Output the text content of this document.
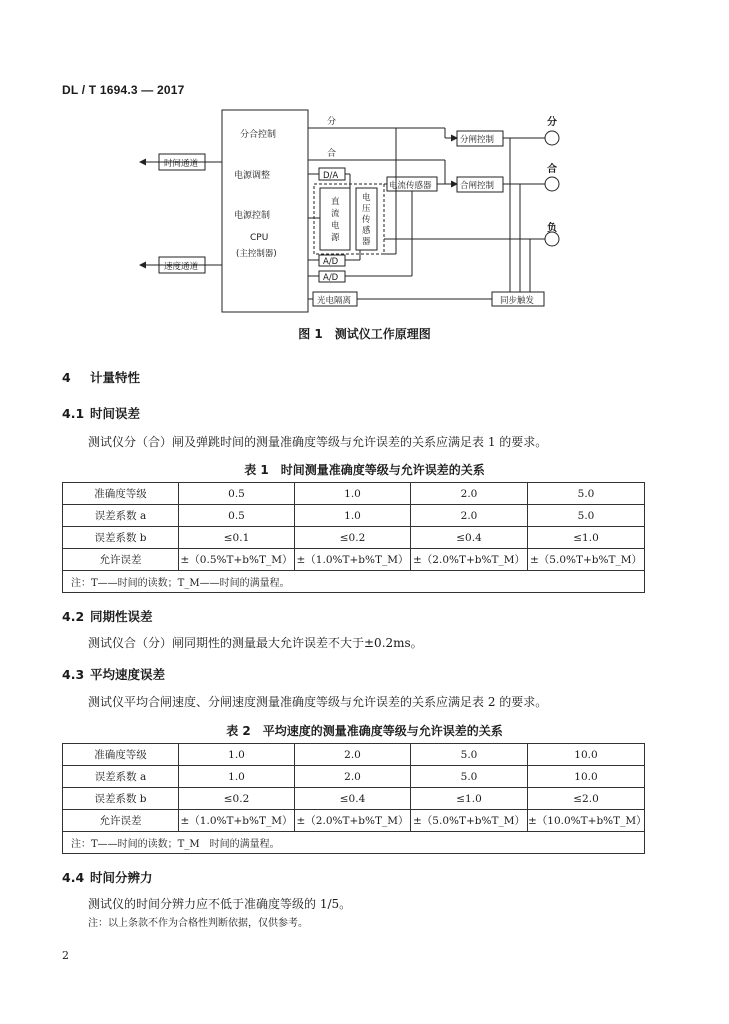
DL / T 1694.3 — 2017
分合控制
分
合
时间通道
电源调整
电源控制
CPU
(主控制器)
速度通道
D/A
直
流
电
源
电
压
传
感
器
电流传感器
A/D
A/D
光电隔离	同步触发
分闸控制
合闸控制
分
合
负
图 1　测试仪工作原理图
4 计量特性
4.1 时间误差
测试仪分（合）闸及弹跳时间的测量准确度等级与允许误差的关系应满足表 1 的要求。
表 1　时间测量准确度等级与允许误差的关系
准确度等级	0.5	1.0	2.0	5.0
误差系数 a	0.5	1.0	2.0	5.0
误差系数 b	≤0.1	≤0.2	≤0.4	≤1.0
允许误差	±（0.5%T+b%T_M）	±（1.0%T+b%T_M）	±（2.0%T+b%T_M）	±（5.0%T+b%T_M）
注：T——时间的读数；T_M——时间的满量程。				
4.2 同期性误差
测试仪合（分）闸同期性的测量最大允许误差不大于±0.2ms。
4.3 平均速度误差
测试仪平均合闸速度、分闸速度测量准确度等级与允许误差的关系应满足表 2 的要求。
表 2　平均速度的测量准确度等级与允许误差的关系
准确度等级	1.0	2.0	5.0	10.0
误差系数 a	1.0	2.0	5.0	10.0
误差系数 b	≤0.2	≤0.4	≤1.0	≤2.0
允许误差	±（1.0%T+b%T_M）	±（2.0%T+b%T_M）	±（5.0%T+b%T_M）	±（10.0%T+b%T_M）
注：T——时间的读数；T_M　时间的满量程。				
4.4 时间分辨力
测试仪的时间分辨力应不低于准确度等级的 1/5。
注：以上条款不作为合格性判断依据，仅供参考。
2
